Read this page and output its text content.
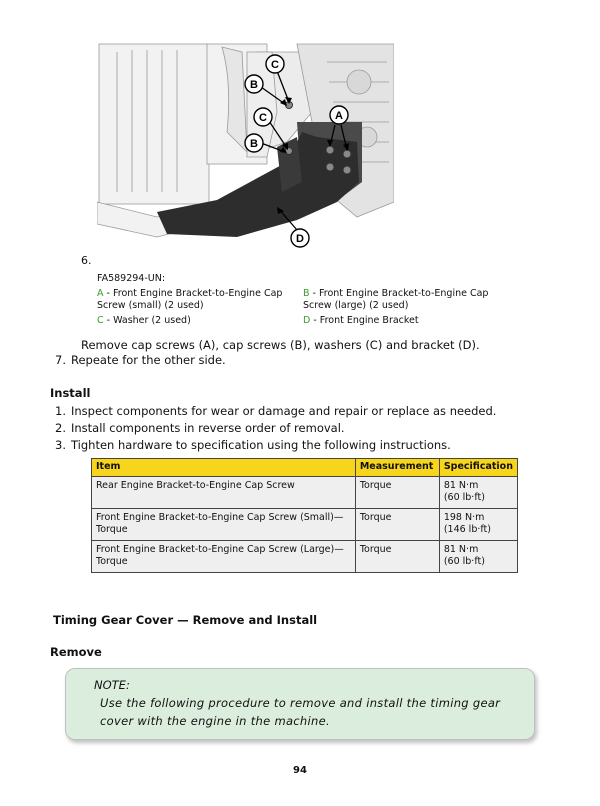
C
B
C
B
A
D
6.
FA589294-UN:
A - Front Engine Bracket-to-Engine Cap Screw (small) (2 used)
B - Front Engine Bracket-to-Engine Cap Screw (large) (2 used)
C - Washer (2 used)	D - Front Engine Bracket
Remove cap screws (A), cap screws (B), washers (C) and bracket (D).
7. Repeate for the other side.
Install
1. Inspect components for wear or damage and repair or replace as needed.
2. Install components in reverse order of removal.
3. Tighten hardware to specification using the following instructions.
Item	Measurement	Specification
Rear Engine Bracket-to-Engine Cap Screw	Torque	81 N·m
(60 lb·ft)

Front Engine Bracket-to-Engine Cap Screw (Small)—Torque	Torque	198 N·m
(146 lb·ft)

Front Engine Bracket-to-Engine Cap Screw (Large)—Torque	Torque	81 N·m
(60 lb·ft)
Timing Gear Cover — Remove and Install
Remove
NOTE:
Use the following procedure to remove and install the timing gear cover with the engine in the machine.
94
